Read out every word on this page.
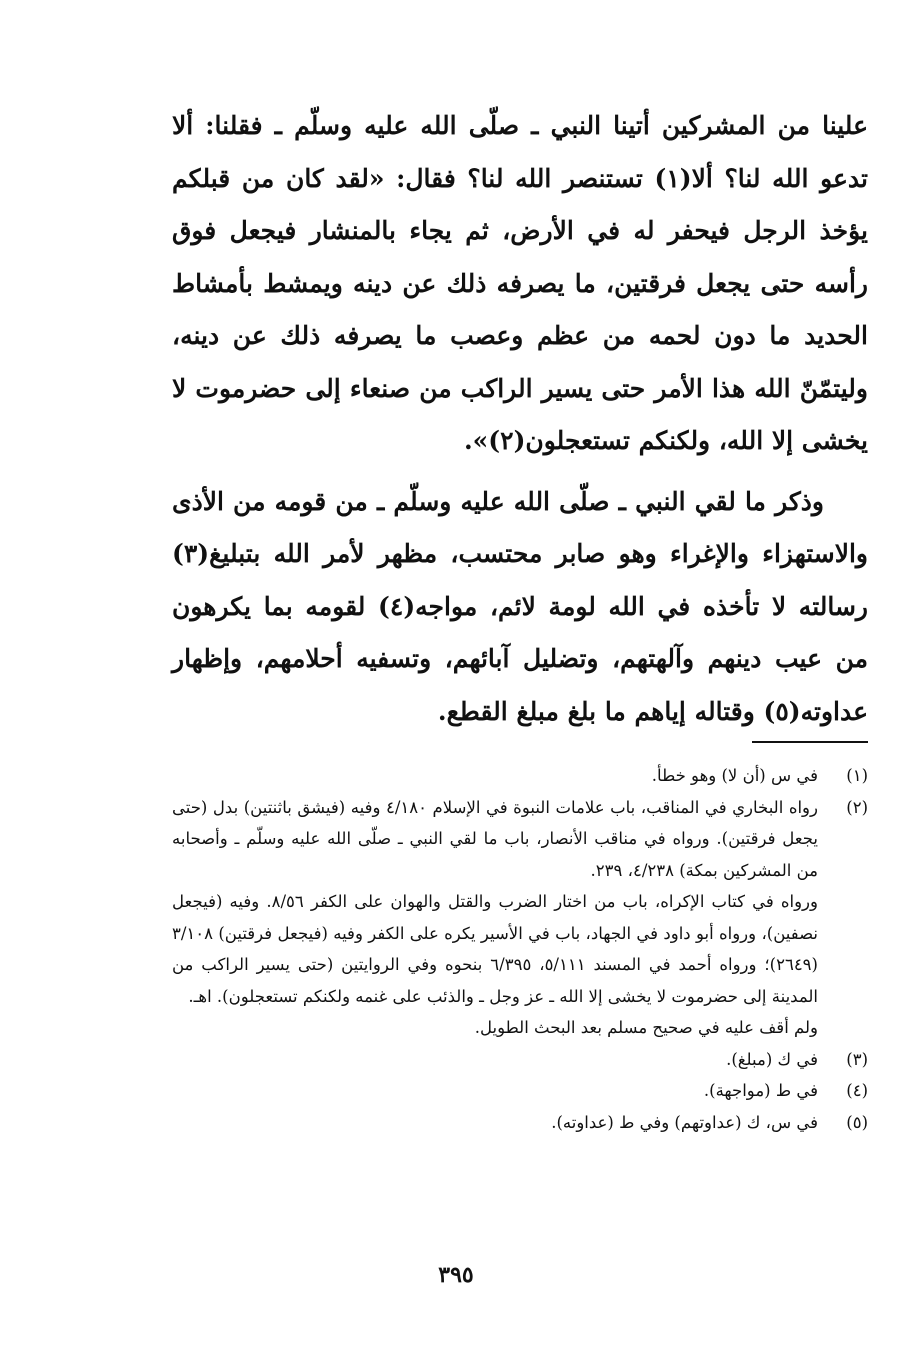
علينا من المشركين أتينا النبي ـ صلّى الله عليه وسلّم ـ فقلنا: ألا تدعو الله لنا؟ ألا(١) تستنصر الله لنا؟ فقال: «لقد كان من قبلكم يؤخذ الرجل فيحفر له في الأرض، ثم يجاء بالمنشار فيجعل فوق رأسه حتى يجعل فرقتين، ما يصرفه ذلك عن دينه ويمشط بأمشاط الحديد ما دون لحمه من عظم وعصب ما يصرفه ذلك عن دينه، وليتمّنّ الله هذا الأمر حتى يسير الراكب من صنعاء إلى حضرموت لا يخشى إلا الله، ولكنكم تستعجلون(٢)».

وذكر ما لقي النبي ـ صلّى الله عليه وسلّم ـ من قومه من الأذى والاستهزاء والإغراء وهو صابر محتسب، مظهر لأمر الله بتبليغ(٣) رسالته لا تأخذه في الله لومة لائم، مواجه(٤) لقومه بما يكرهون من عيب دينهم وآلهتهم، وتضليل آبائهم، وتسفيه أحلامهم، وإظهار عداوته(٥) وقتاله إياهم ما بلغ مبلغ القطع.

(١)
في س (أن لا) وهو خطأ.
(٢)
رواه البخاري في المناقب، باب علامات النبوة في الإسلام ٤/١٨٠ وفيه (فيشق باثنتين) بدل (حتى يجعل فرقتين). ورواه في مناقب الأنصار، باب ما لقي النبي ـ صلّى الله عليه وسلّم ـ وأصحابه من المشركين بمكة) ٤/٢٣٨، ٢٣٩.
ورواه في كتاب الإكراه، باب من اختار الضرب والقتل والهوان على الكفر ٨/٥٦. وفيه (فيجعل نصفين)، ورواه أبو داود في الجهاد، باب في الأسير يكره على الكفر وفيه (فيجعل فرقتين) ٣/١٠٨ (٢٦٤٩)؛ ورواه أحمد في المسند ٥/١١١، ٦/٣٩٥ بنحوه وفي الروايتين (حتى يسير الراكب من المدينة إلى حضرموت لا يخشى إلا الله ـ عز وجل ـ والذئب على غنمه ولكنكم تستعجلون). اهـ.
ولم أقف عليه في صحيح مسلم بعد البحث الطويل.
(٣)
في ك (مبلغ).
(٤)
في ط (مواجهة).
(٥)
في س، ك (عداوتهم) وفي ط (عداوته).
٣٩٥
